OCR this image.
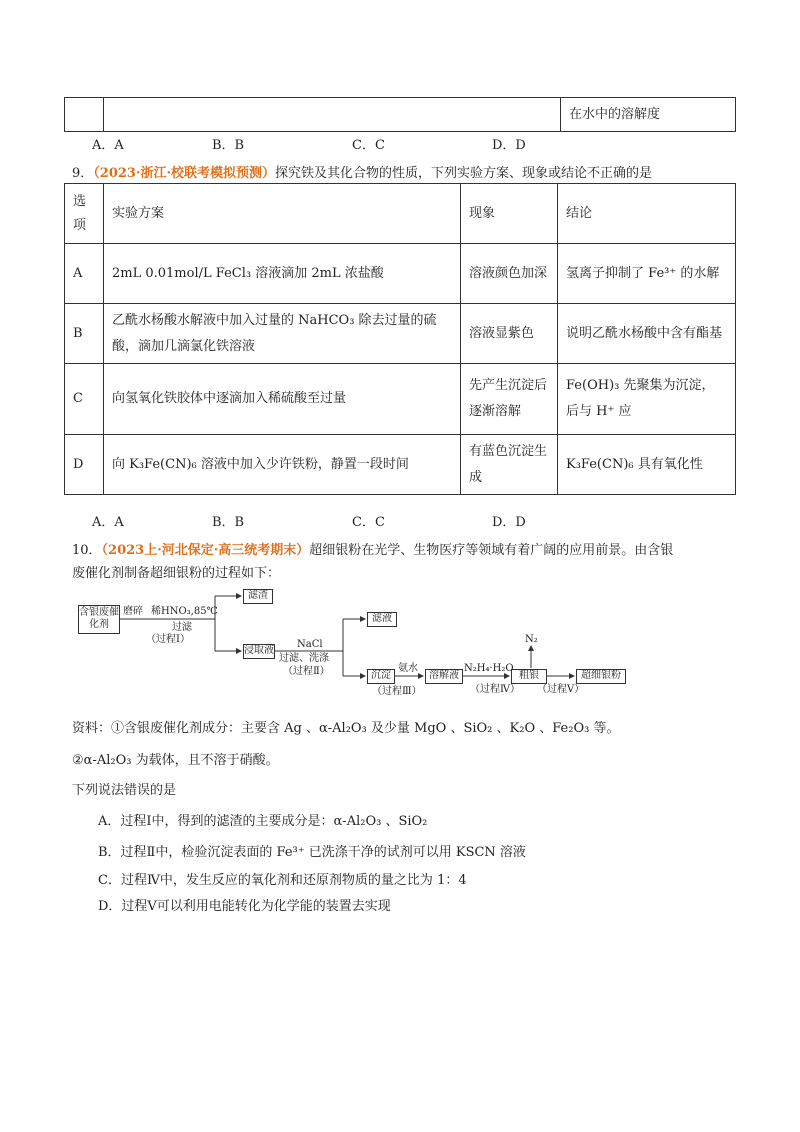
		在水中的溶解度
A．A	B．B	C．C	D．D
9．（2023·浙江·校联考模拟预测）探究铁及其化合物的性质，下列实验方案、现象或结论不正确的是
选项	实验方案	现象	结论
A	2mL 0.01mol/L FeCl₃ 溶液滴加 2mL 浓盐酸	溶液颜色加深	氢离子抑制了 Fe³⁺ 的水解
B	乙酰水杨酸水解液中加入过量的 NaHCO₃ 除去过量的硫酸，滴加几滴氯化铁溶液	溶液显紫色	说明乙酰水杨酸中含有酯基
C	向氢氧化铁胶体中逐滴加入稀硫酸至过量	先产生沉淀后逐渐溶解	Fe(OH)₃ 先聚集为沉淀，后与 H⁺ 应
D	向 K₃Fe(CN)₆ 溶液中加入少许铁粉，静置一段时间	有蓝色沉淀生成	K₃Fe(CN)₆ 具有氧化性
A．A	B．B	C．C	D．D
10．（2023上·河北保定·高三统考期末）超细银粉在光学、生物医疗等领域有着广阔的应用前景。由含银
废催化剂制备超细银粉的过程如下：
含银废催化剂
滤渣
浸取液
滤液
沉淀	溶解液	粗银	超细银粉
磨碎 稀HNO₃,85℃
过滤
（过程Ⅰ）	NaCl
过滤、洗涤
（过程Ⅱ）	氨水
（过程Ⅲ）
N₂H₄·H₂O
（过程Ⅳ）
N₂
（过程Ⅴ）
资料：①含银废催化剂成分：主要含 Ag 、α-Al₂O₃ 及少量 MgO 、SiO₂ 、K₂O 、Fe₂O₃ 等。
②α-Al₂O₃ 为载体，且不溶于硝酸。
下列说法错误的是
A．过程Ⅰ中，得到的滤渣的主要成分是：α-Al₂O₃ 、SiO₂
B．过程Ⅱ中，检验沉淀表面的 Fe³⁺ 已洗涤干净的试剂可以用 KSCN 溶液
C．过程Ⅳ中，发生反应的氧化剂和还原剂物质的量之比为 1：4
D．过程Ⅴ可以利用电能转化为化学能的装置去实现
